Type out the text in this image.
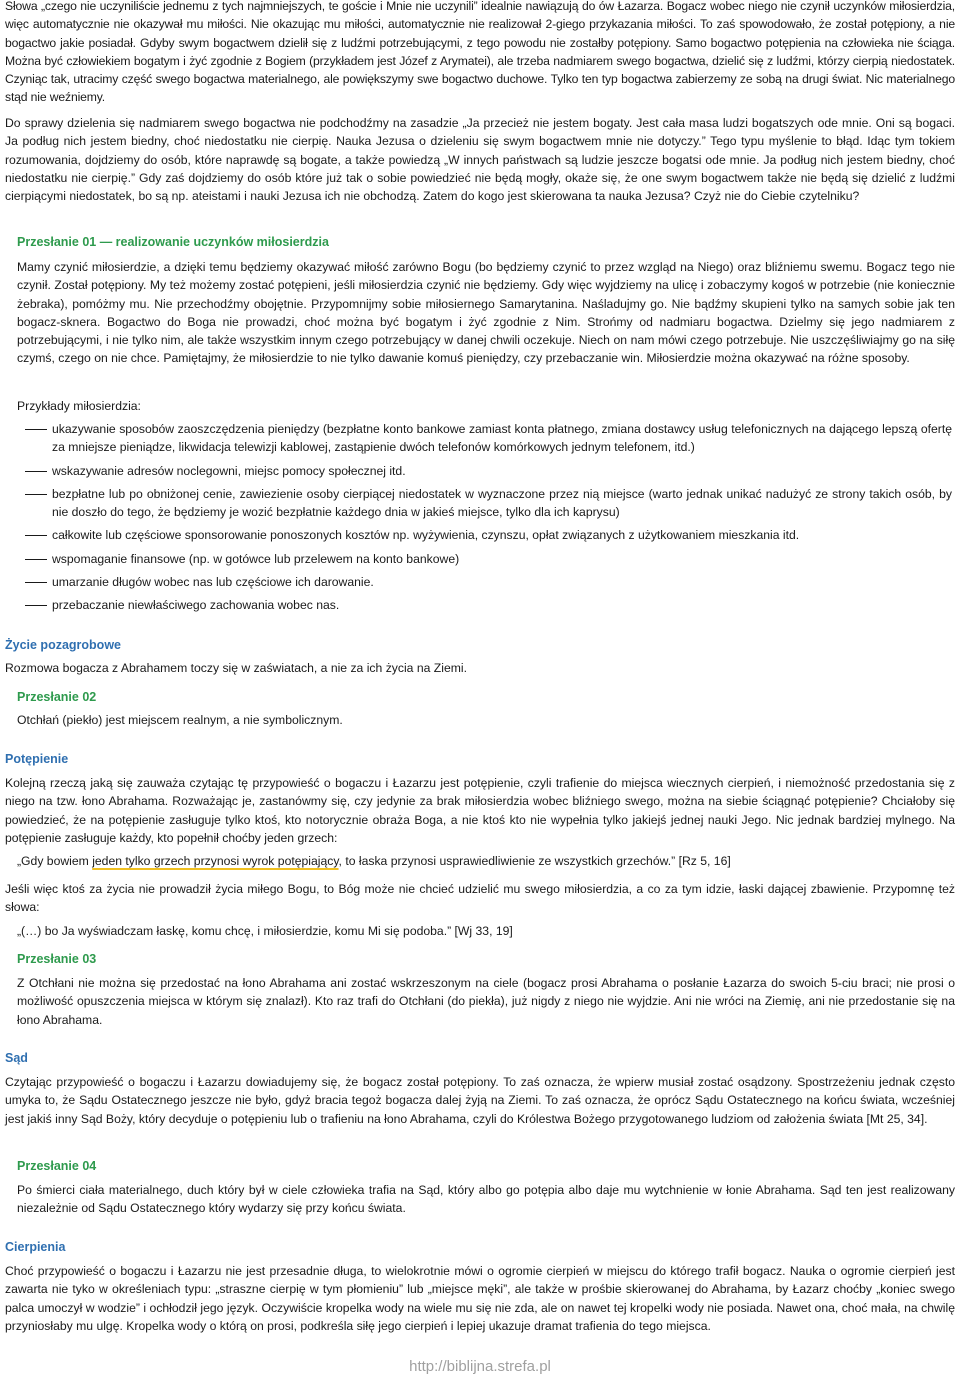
Słowa „czego nie uczyniliście jednemu z tych najmniejszych, te goście i Mnie nie uczynili” idealnie nawiązują do ów Łazarza. Bogacz wobec niego nie czynił uczynków miłosierdzia, więc automatycznie nie okazywał mu miłości. Nie okazując mu miłości, automatycznie nie realizował 2-giego przykazania miłości. To zaś spowodowało, że został potępiony, a nie bogactwo jakie posiadał. Gdyby swym bogactwem dzielił się z ludźmi potrzebującymi, z tego powodu nie zostałby potępiony. Samo bogactwo potępienia na człowieka nie ściąga. Można być człowiekiem bogatym i żyć zgodnie z Bogiem (przykładem jest Józef z Arymatei), ale trzeba nadmiarem swego bogactwa, dzielić się z ludźmi, którzy cierpią niedostatek. Czyniąc tak, utracimy część swego bogactwa materialnego, ale powiększymy swe bogactwo duchowe. Tylko ten typ bogactwa zabierzemy ze sobą na drugi świat. Nic materialnego stąd nie weźniemy.

Do sprawy dzielenia się nadmiarem swego bogactwa nie podchodźmy na zasadzie „Ja przecież nie jestem bogaty. Jest cała masa ludzi bogatszych ode mnie. Oni są bogaci. Ja podług nich jestem biedny, choć niedostatku nie cierpię. Nauka Jezusa o dzieleniu się swym bogactwem mnie nie dotyczy.” Tego typu myślenie to błąd. Idąc tym tokiem rozumowania, dojdziemy do osób, które naprawdę są bogate, a także powiedzą „W innych państwach są ludzie jeszcze bogatsi ode mnie. Ja podług nich jestem biedny, choć niedostatku nie cierpię.” Gdy zaś dojdziemy do osób które już tak o sobie powiedzieć nie będą mogły, okaże się, że one swym bogactwem także nie będą się dzielić z ludźmi cierpiącymi niedostatek, bo są np. ateistami i nauki Jezusa ich nie obchodzą. Zatem do kogo jest skierowana ta nauka Jezusa? Czyż nie do Ciebie czytelniku?

Przesłanie 01 — realizowanie uczynków miłosierdzia

Mamy czynić miłosierdzie, a dzięki temu będziemy okazywać miłość zarówno Bogu (bo będziemy czynić to przez wzgląd na Niego) oraz bliźniemu swemu. Bogacz tego nie czynił. Został potępiony. My też możemy zostać potępieni, jeśli miłosierdzia czynić nie będziemy. Gdy więc wyjdziemy na ulicę i zobaczymy kogoś w potrzebie (nie koniecznie żebraka), pomóżmy mu. Nie przechodźmy obojętnie. Przypomnijmy sobie miłosiernego Samarytanina. Naśladujmy go. Nie bądźmy skupieni tylko na samych sobie jak ten bogacz-sknera. Bogactwo do Boga nie prowadzi, choć można być bogatym i żyć zgodnie z Nim. Strońmy od nadmiaru bogactwa. Dzielmy się jego nadmiarem z potrzebującymi, i nie tylko nim, ale także wszystkim innym czego potrzebujący w danej chwili oczekuje. Niech on nam mówi czego potrzebuje. Nie uszczęśliwiajmy go na siłę czymś, czego on nie chce. Pamiętajmy, że miłosierdzie to nie tylko dawanie komuś pieniędzy, czy przebaczanie win. Miłosierdzie można okazywać na różne sposoby.

Przykłady miłosierdzia:

ukazywanie sposobów zaoszczędzenia pieniędzy (bezpłatne konto bankowe zamiast konta płatnego, zmiana dostawcy usług telefonicznych na dającego lepszą ofertę za mniejsze pieniądze, likwidacja telewizji kablowej, zastąpienie dwóch telefonów komórkowych jednym telefonem, itd.)
wskazywanie adresów noclegowni, miejsc pomocy społecznej itd.
bezpłatne lub po obniżonej cenie, zawiezienie osoby cierpiącej niedostatek w wyznaczone przez nią miejsce (warto jednak unikać nadużyć ze strony takich osób, by nie doszło do tego, że będziemy je wozić bezpłatnie każdego dnia w jakieś miejsce, tylko dla ich kaprysu)
całkowite lub częściowe sponsorowanie ponoszonych kosztów np. wyżywienia, czynszu, opłat związanych z użytkowaniem mieszkania itd.
wspomaganie finansowe (np. w gotówce lub przelewem na konto bankowe)
umarzanie długów wobec nas lub częściowe ich darowanie.
przebaczanie niewłaściwego zachowania wobec nas.

Życie pozagrobowe

Rozmowa bogacza z Abrahamem toczy się w zaświatach, a nie za ich życia na Ziemi.

Przesłanie 02

Otchłań (piekło) jest miejscem realnym, a nie symbolicznym.

Potępienie

Kolejną rzeczą jaką się zauważa czytając tę przypowieść o bogaczu i Łazarzu jest potępienie, czyli trafienie do miejsca wiecznych cierpień, i niemożność przedostania się z niego na tzw. łono Abrahama. Rozważając je, zastanówmy się, czy jedynie za brak miłosierdzia wobec bliźniego swego, można na siebie ściągnąć potępienie? Chciałoby się powiedzieć, że na potępienie zasługuje tylko ktoś, kto notorycznie obraża Boga, a nie ktoś kto nie wypełnia tylko jakiejś jednej nauki Jego. Nic jednak bardziej mylnego. Na potępienie zasługuje każdy, kto popełnił choćby jeden grzech:

„Gdy bowiem jeden tylko grzech przynosi wyrok potępiający, to łaska przynosi usprawiedliwienie ze wszystkich grzechów.” [Rz 5, 16]

Jeśli więc ktoś za życia nie prowadził życia miłego Bogu, to Bóg może nie chcieć udzielić mu swego miłosierdzia, a co za tym idzie, łaski dającej zbawienie. Przypomnę też słowa:

„(…) bo Ja wyświadczam łaskę, komu chcę, i miłosierdzie, komu Mi się podoba.” [Wj 33, 19]

Przesłanie 03

Z Otchłani nie można się przedostać na łono Abrahama ani zostać wskrzeszonym na ciele (bogacz prosi Abrahama o posłanie Łazarza do swoich 5-ciu braci; nie prosi o możliwość opuszczenia miejsca w którym się znalazł). Kto raz trafi do Otchłani (do piekła), już nigdy z niego nie wyjdzie. Ani nie wróci na Ziemię, ani nie przedostanie się na łono Abrahama.

Sąd

Czytając przypowieść o bogaczu i Łazarzu dowiadujemy się, że bogacz został potępiony. To zaś oznacza, że wpierw musiał zostać osądzony. Spostrzeżeniu jednak często umyka to, że Sądu Ostatecznego jeszcze nie było, gdyż bracia tegoż bogacza dalej żyją na Ziemi. To zaś oznacza, że oprócz Sądu Ostatecznego na końcu świata, wcześniej jest jakiś inny Sąd Boży, który decyduje o potępieniu lub o trafieniu na łono Abrahama, czyli do Królestwa Bożego przygotowanego ludziom od założenia świata [Mt 25, 34].

Przesłanie 04

Po śmierci ciała materialnego, duch który był w ciele człowieka trafia na Sąd, który albo go potępia albo daje mu wytchnienie w łonie Abrahama. Sąd ten jest realizowany niezależnie od Sądu Ostatecznego który wydarzy się przy końcu świata.

Cierpienia

Choć przypowieść o bogaczu i Łazarzu nie jest przesadnie długa, to wielokrotnie mówi o ogromie cierpień w miejscu do którego trafił bogacz. Nauka o ogromie cierpień jest zawarta nie tyko w określeniach typu: „straszne cierpię w tym płomieniu” lub „miejsce męki”, ale także w prośbie skierowanej do Abrahama, by Łazarz choćby „koniec swego palca umoczył w wodzie” i ochłodził jego język. Oczywiście kropelka wody na wiele mu się nie zda, ale on nawet tej kropelki wody nie posiada. Nawet ona, choć mała, na chwilę przyniosłaby mu ulgę. Kropelka wody o którą on prosi, podkreśla siłę jego cierpień i lepiej ukazuje dramat trafienia do tego miejsca.

http://biblijna.strefa.pl
